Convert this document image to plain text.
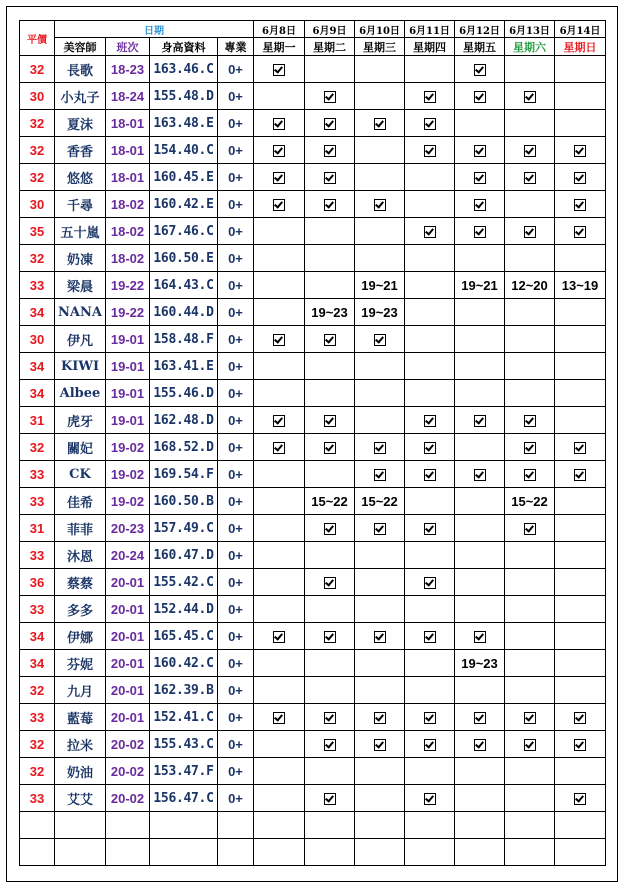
平價	日期				6月8日	6月9日	6月10日	6月11日	6月12日	6月13日	6月14日
	美容師	班次	身高資料	專業	星期一	星期二	星期三	星期四	星期五	星期六	星期日
32	長歌	18-23	163.46.C	0+							
30	小丸子	18-24	155.48.D	0+							
32	夏沫	18-01	163.48.E	0+							
32	香香	18-01	154.40.C	0+							
32	悠悠	18-01	160.45.E	0+							
30	千尋	18-02	160.42.E	0+							
35	五十嵐	18-02	167.46.C	0+							
32	奶凍	18-02	160.50.E	0+							
33	梁晨	19-22	164.43.C	0+			19~21		19~21	12~20	13~19
34	NANA	19-22	160.44.D	0+		19~23	19~23				
30	伊凡	19-01	158.48.F	0+							
34	KIWI	19-01	163.41.E	0+							
34	Albee	19-01	155.46.D	0+							
31	虎牙	19-01	162.48.D	0+							
32	關妃	19-02	168.52.D	0+							
33	CK	19-02	169.54.F	0+							
33	佳希	19-02	160.50.B	0+		15~22	15~22			15~22	
31	菲菲	20-23	157.49.C	0+							
33	沐恩	20-24	160.47.D	0+							
36	蔡蔡	20-01	155.42.C	0+							
33	多多	20-01	152.44.D	0+							
34	伊娜	20-01	165.45.C	0+							
34	芬妮	20-01	160.42.C	0+					19~23		
32	九月	20-01	162.39.B	0+							
33	藍莓	20-01	152.41.C	0+							
32	拉米	20-02	155.43.C	0+							
32	奶油	20-02	153.47.F	0+							
33	艾艾	20-02	156.47.C	0+							
